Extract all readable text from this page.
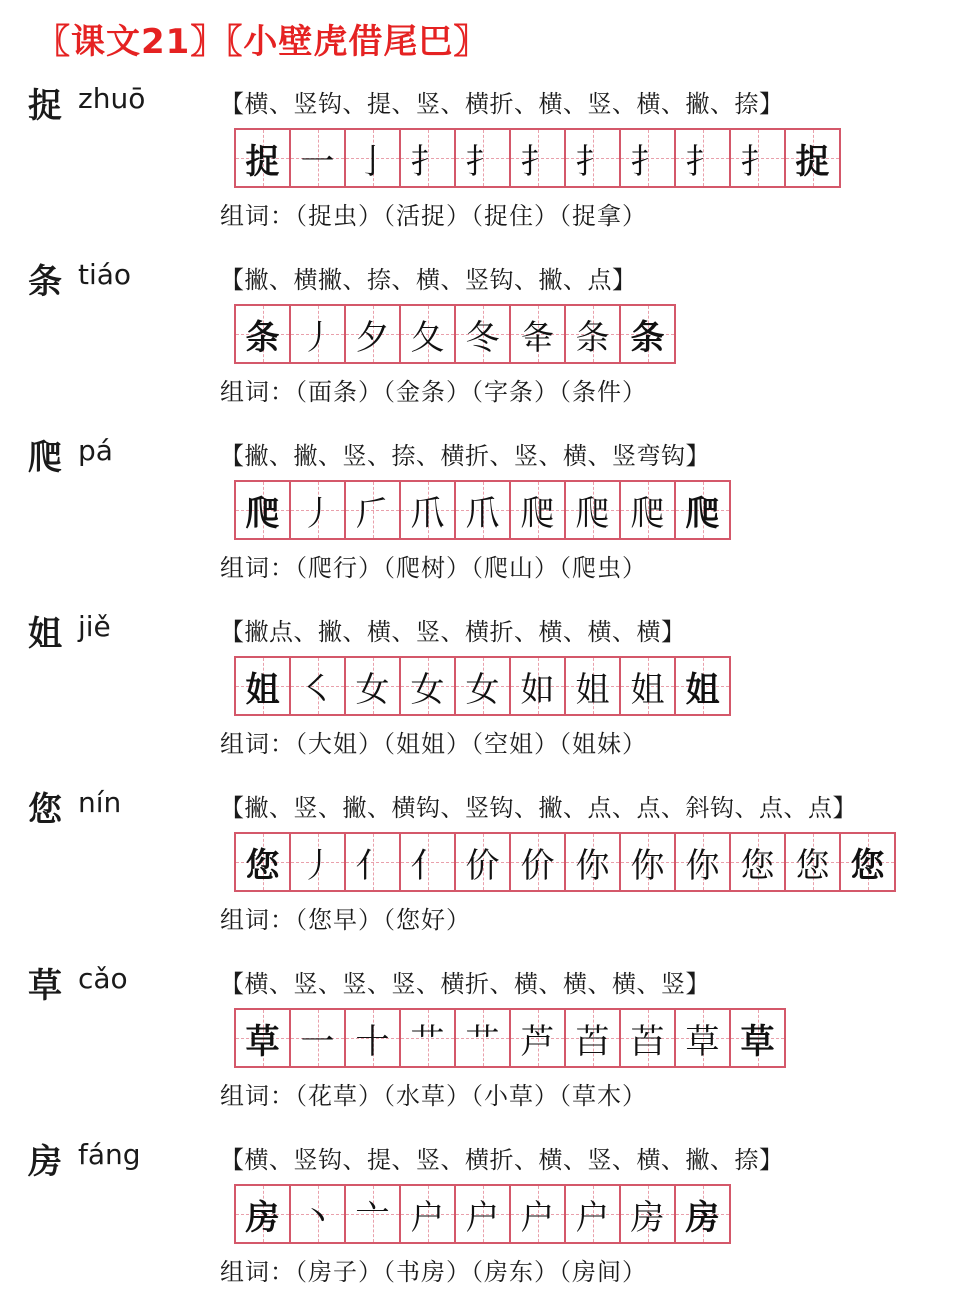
〖课文21〗〖小壁虎借尾巴〗
捉 zhuō	【横、竖钩、提、竖、横折、横、竖、横、撇、捺】
捉 一 亅 扌 扌 扌 扌 扌 扌 扌 捉
组词：（捉虫）（活捉）（捉住）（捉拿）
条 tiáo	【撇、横撇、捺、横、竖钩、撇、点】
条 丿 夕 夂 冬 夅 条 条
组词：（面条）（金条）（字条）（条件）
爬 pá	【撇、撇、竖、捺、横折、竖、横、竖弯钩】
爬 丿 𠂆 爪 爪 爬 爬 爬 爬
组词：（爬行）（爬树）（爬山）（爬虫）
姐 jiě	【撇点、撇、横、竖、横折、横、横、横】
姐 ㇛ 女 女 女 如 姐 姐 姐
组词：（大姐）（姐姐）（空姐）（姐妹）
您 nín	【撇、竖、撇、横钩、竖钩、撇、点、点、斜钩、点、点】
您 丿 亻 亻 价 价 你 你 你 您 您 您
组词：（您早）（您好）
草 cǎo	【横、竖、竖、竖、横折、横、横、横、竖】
草 一 十 艹 艹 芦 苩 苩 草 草
组词：（花草）（水草）（小草）（草木）
房 fáng	【横、竖钩、提、竖、横折、横、竖、横、撇、捺】
房 丶 亠 户 户 户 户 房 房
组词：（房子）（书房）（房东）（房间）
